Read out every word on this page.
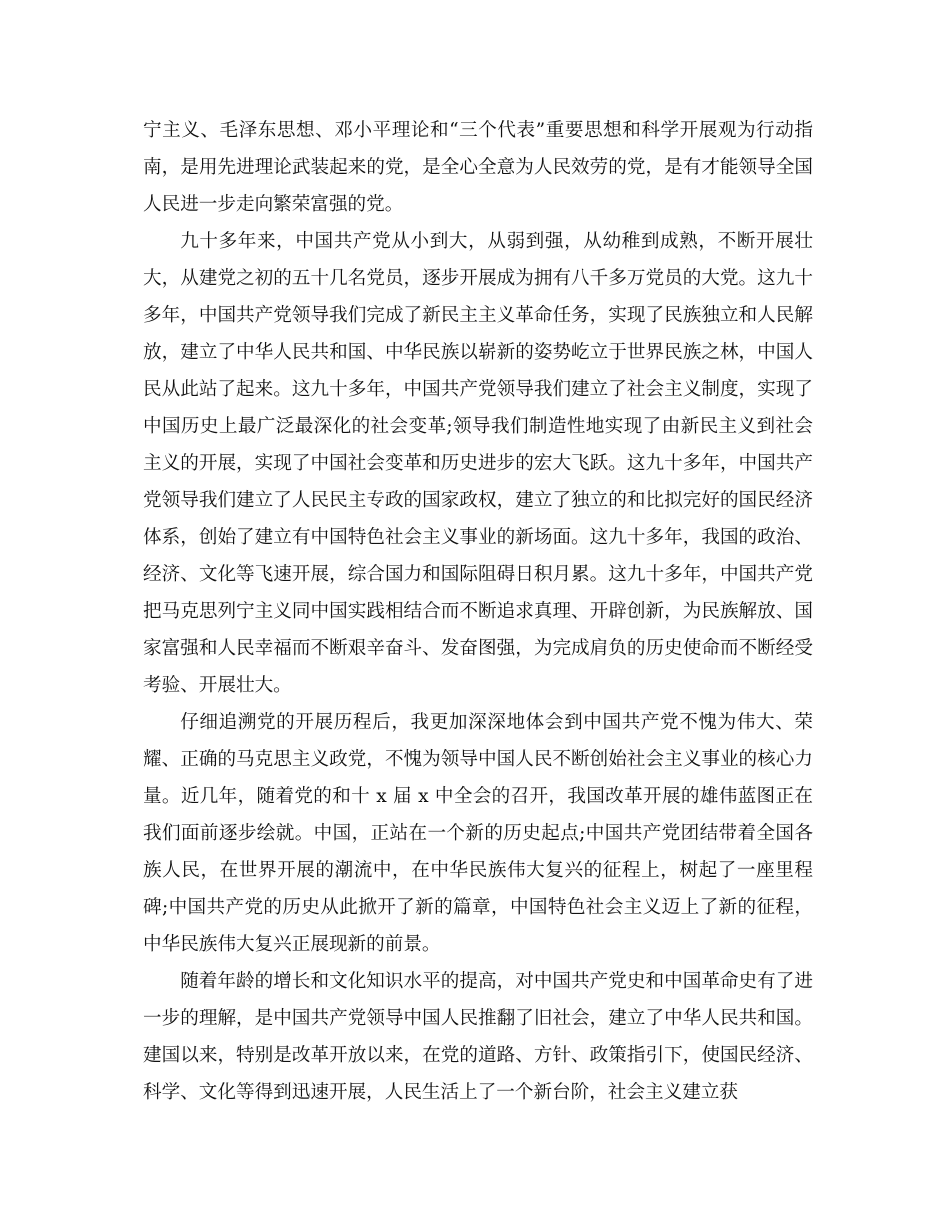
宁主义、毛泽东思想、邓小平理论和“三个代表”重要思想和科学开展观为行动指南，是用先进理论武装起来的党，是全心全意为人民效劳的党，是有才能领导全国人民进一步走向繁荣富强的党。

九十多年来，中国共产党从小到大，从弱到强，从幼稚到成熟，不断开展壮大，从建党之初的五十几名党员，逐步开展成为拥有八千多万党员的大党。这九十多年，中国共产党领导我们完成了新民主主义革命任务，实现了民族独立和人民解放，建立了中华人民共和国、中华民族以崭新的姿势屹立于世界民族之林，中国人民从此站了起来。这九十多年，中国共产党领导我们建立了社会主义制度，实现了中国历史上最广泛最深化的社会变革;领导我们制造性地实现了由新民主义到社会主义的开展，实现了中国社会变革和历史进步的宏大飞跃。这九十多年，中国共产党领导我们建立了人民民主专政的国家政权，建立了独立的和比拟完好的国民经济体系，创始了建立有中国特色社会主义事业的新场面。这九十多年，我国的政治、经济、文化等飞速开展，综合国力和国际阻碍日积月累。这九十多年，中国共产党把马克思列宁主义同中国实践相结合而不断追求真理、开辟创新，为民族解放、国家富强和人民幸福而不断艰辛奋斗、发奋图强，为完成肩负的历史使命而不断经受考验、开展壮大。

仔细追溯党的开展历程后，我更加深深地体会到中国共产党不愧为伟大、荣耀、正确的马克思主义政党，不愧为领导中国人民不断创始社会主义事业的核心力量。近几年，随着党的和十 x 届 x 中全会的召开，我国改革开展的雄伟蓝图正在我们面前逐步绘就。中国，正站在一个新的历史起点;中国共产党团结带着全国各族人民，在世界开展的潮流中，在中华民族伟大复兴的征程上，树起了一座里程碑;中国共产党的历史从此掀开了新的篇章，中国特色社会主义迈上了新的征程，中华民族伟大复兴正展现新的前景。

随着年龄的增长和文化知识水平的提高，对中国共产党史和中国革命史有了进一步的理解，是中国共产党领导中国人民推翻了旧社会，建立了中华人民共和国。建国以来，特别是改革开放以来，在党的道路、方针、政策指引下，使国民经济、科学、文化等得到迅速开展，人民生活上了一个新台阶，社会主义建立获
